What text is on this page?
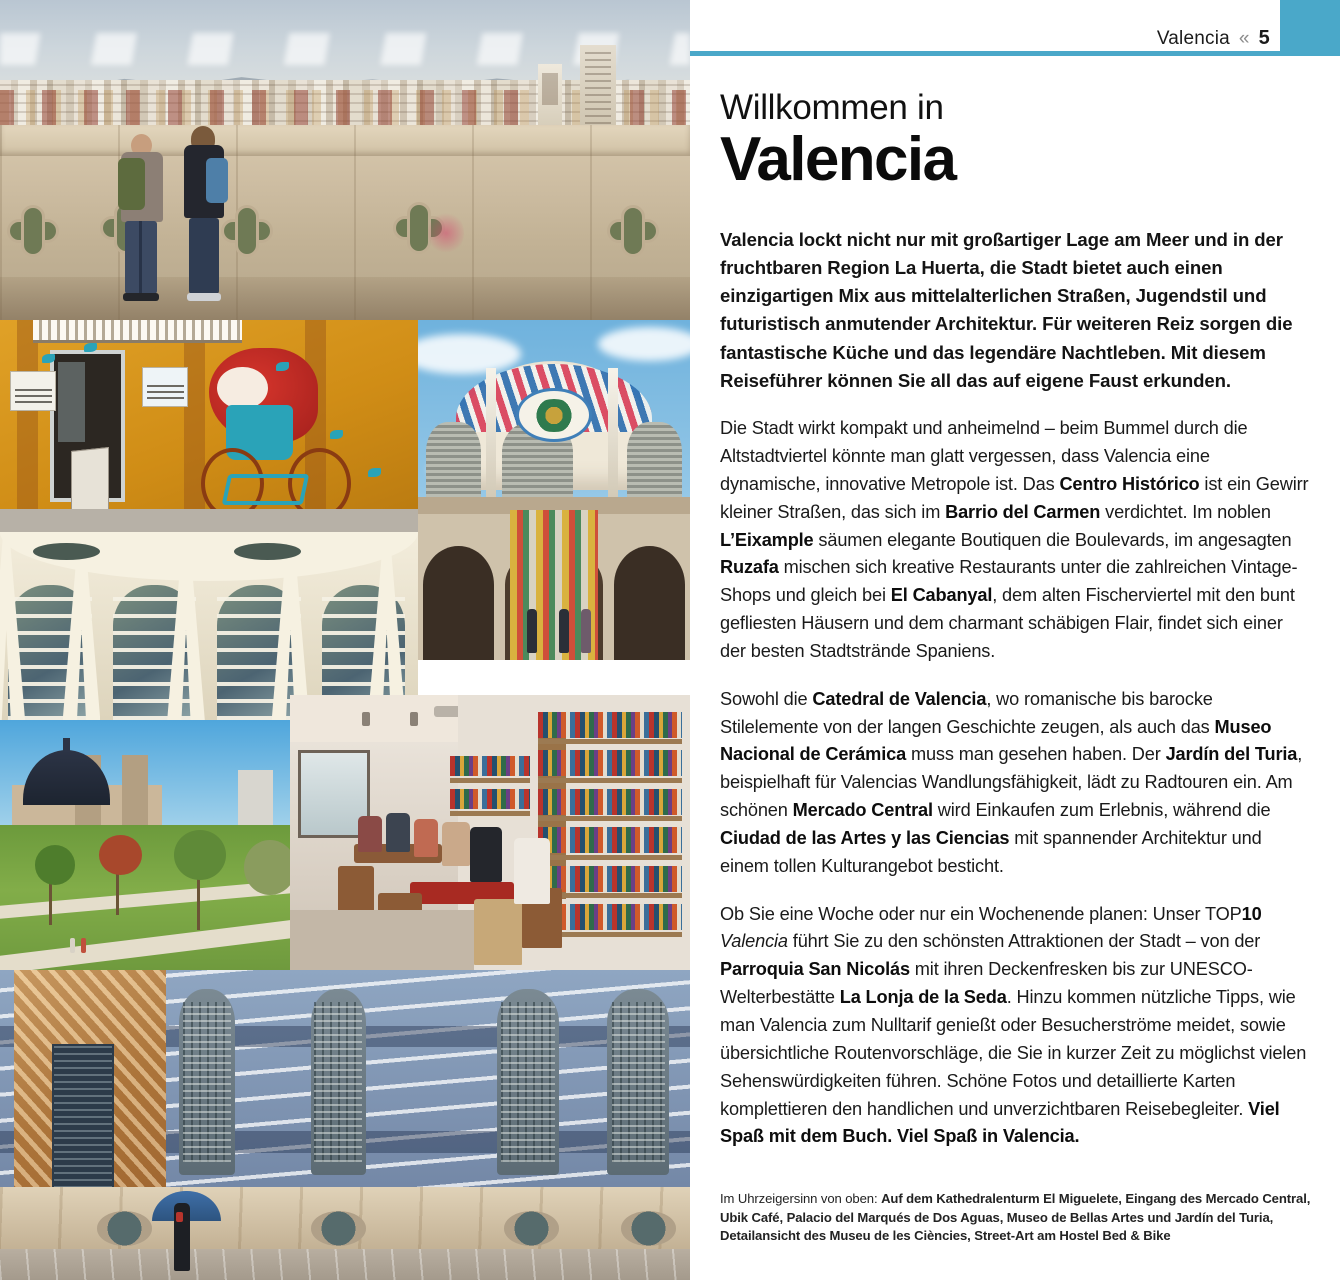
Valencia « 5
Willkommen in
Valencia
Valencia lockt nicht nur mit großartiger Lage am Meer und in der fruchtbaren Region La Huerta, die Stadt bietet auch einen einzigartigen Mix aus mittelalterlichen Straßen, Jugendstil und futuristisch anmutender Architektur. Für weiteren Reiz sorgen die fantastische Küche und das legendäre Nachtleben. Mit diesem Reiseführer können Sie all das auf eigene Faust erkunden.

Die Stadt wirkt kompakt und anheimelnd – beim Bummel durch die Altstadtviertel könnte man glatt vergessen, dass Valencia eine dynamische, innovative Metropole ist. Das Centro Histórico ist ein Gewirr kleiner Straßen, das sich im Barrio del Carmen verdichtet. Im noblen L’Eixample säumen elegante Boutiquen die Boulevards, im angesagten Ruzafa mischen sich kreative Restaurants unter die zahlreichen Vintage-Shops und gleich bei El Cabanyal, dem alten Fischerviertel mit den bunt gefliesten Häusern und dem charmant schäbigen Flair, findet sich einer der besten Stadtstrände Spaniens.

Sowohl die Catedral de Valencia, wo romanische bis barocke Stilelemente von der langen Geschichte zeugen, als auch das Museo Nacional de Cerámica muss man gesehen haben. Der Jardín del Turia, beispielhaft für Valencias Wandlungsfähigkeit, lädt zu Radtouren ein. Am schönen Mercado Central wird Einkaufen zum Erlebnis, während die Ciudad de las Artes y las Ciencias mit spannender Architektur und einem tollen Kulturangebot besticht.

Ob Sie eine Woche oder nur ein Wochenende planen: Unser TOP10 Valencia führt Sie zu den schönsten Attraktionen der Stadt – von der Parroquia San Nicolás mit ihren Deckenfresken bis zur UNESCO-Welterbestätte La Lonja de la Seda. Hinzu kommen nützliche Tipps, wie man Valencia zum Nulltarif genießt oder Besucherströme meidet, sowie übersichtliche Routenvorschläge, die Sie in kurzer Zeit zu möglichst vielen Sehenswürdigkeiten führen. Schöne Fotos und detaillierte Karten komplettieren den handlichen und unverzichtbaren Reisebegleiter. Viel Spaß mit dem Buch. Viel Spaß in Valencia.

Im Uhrzeigersinn von oben: Auf dem Kathedralenturm El Miguelete, Eingang des Mercado Central, Ubik Café, Palacio del Marqués de Dos Aguas, Museo de Bellas Artes und Jardín del Turia, Detailansicht des Museu de les Ciències, Street-Art am Hostel Bed & Bike
